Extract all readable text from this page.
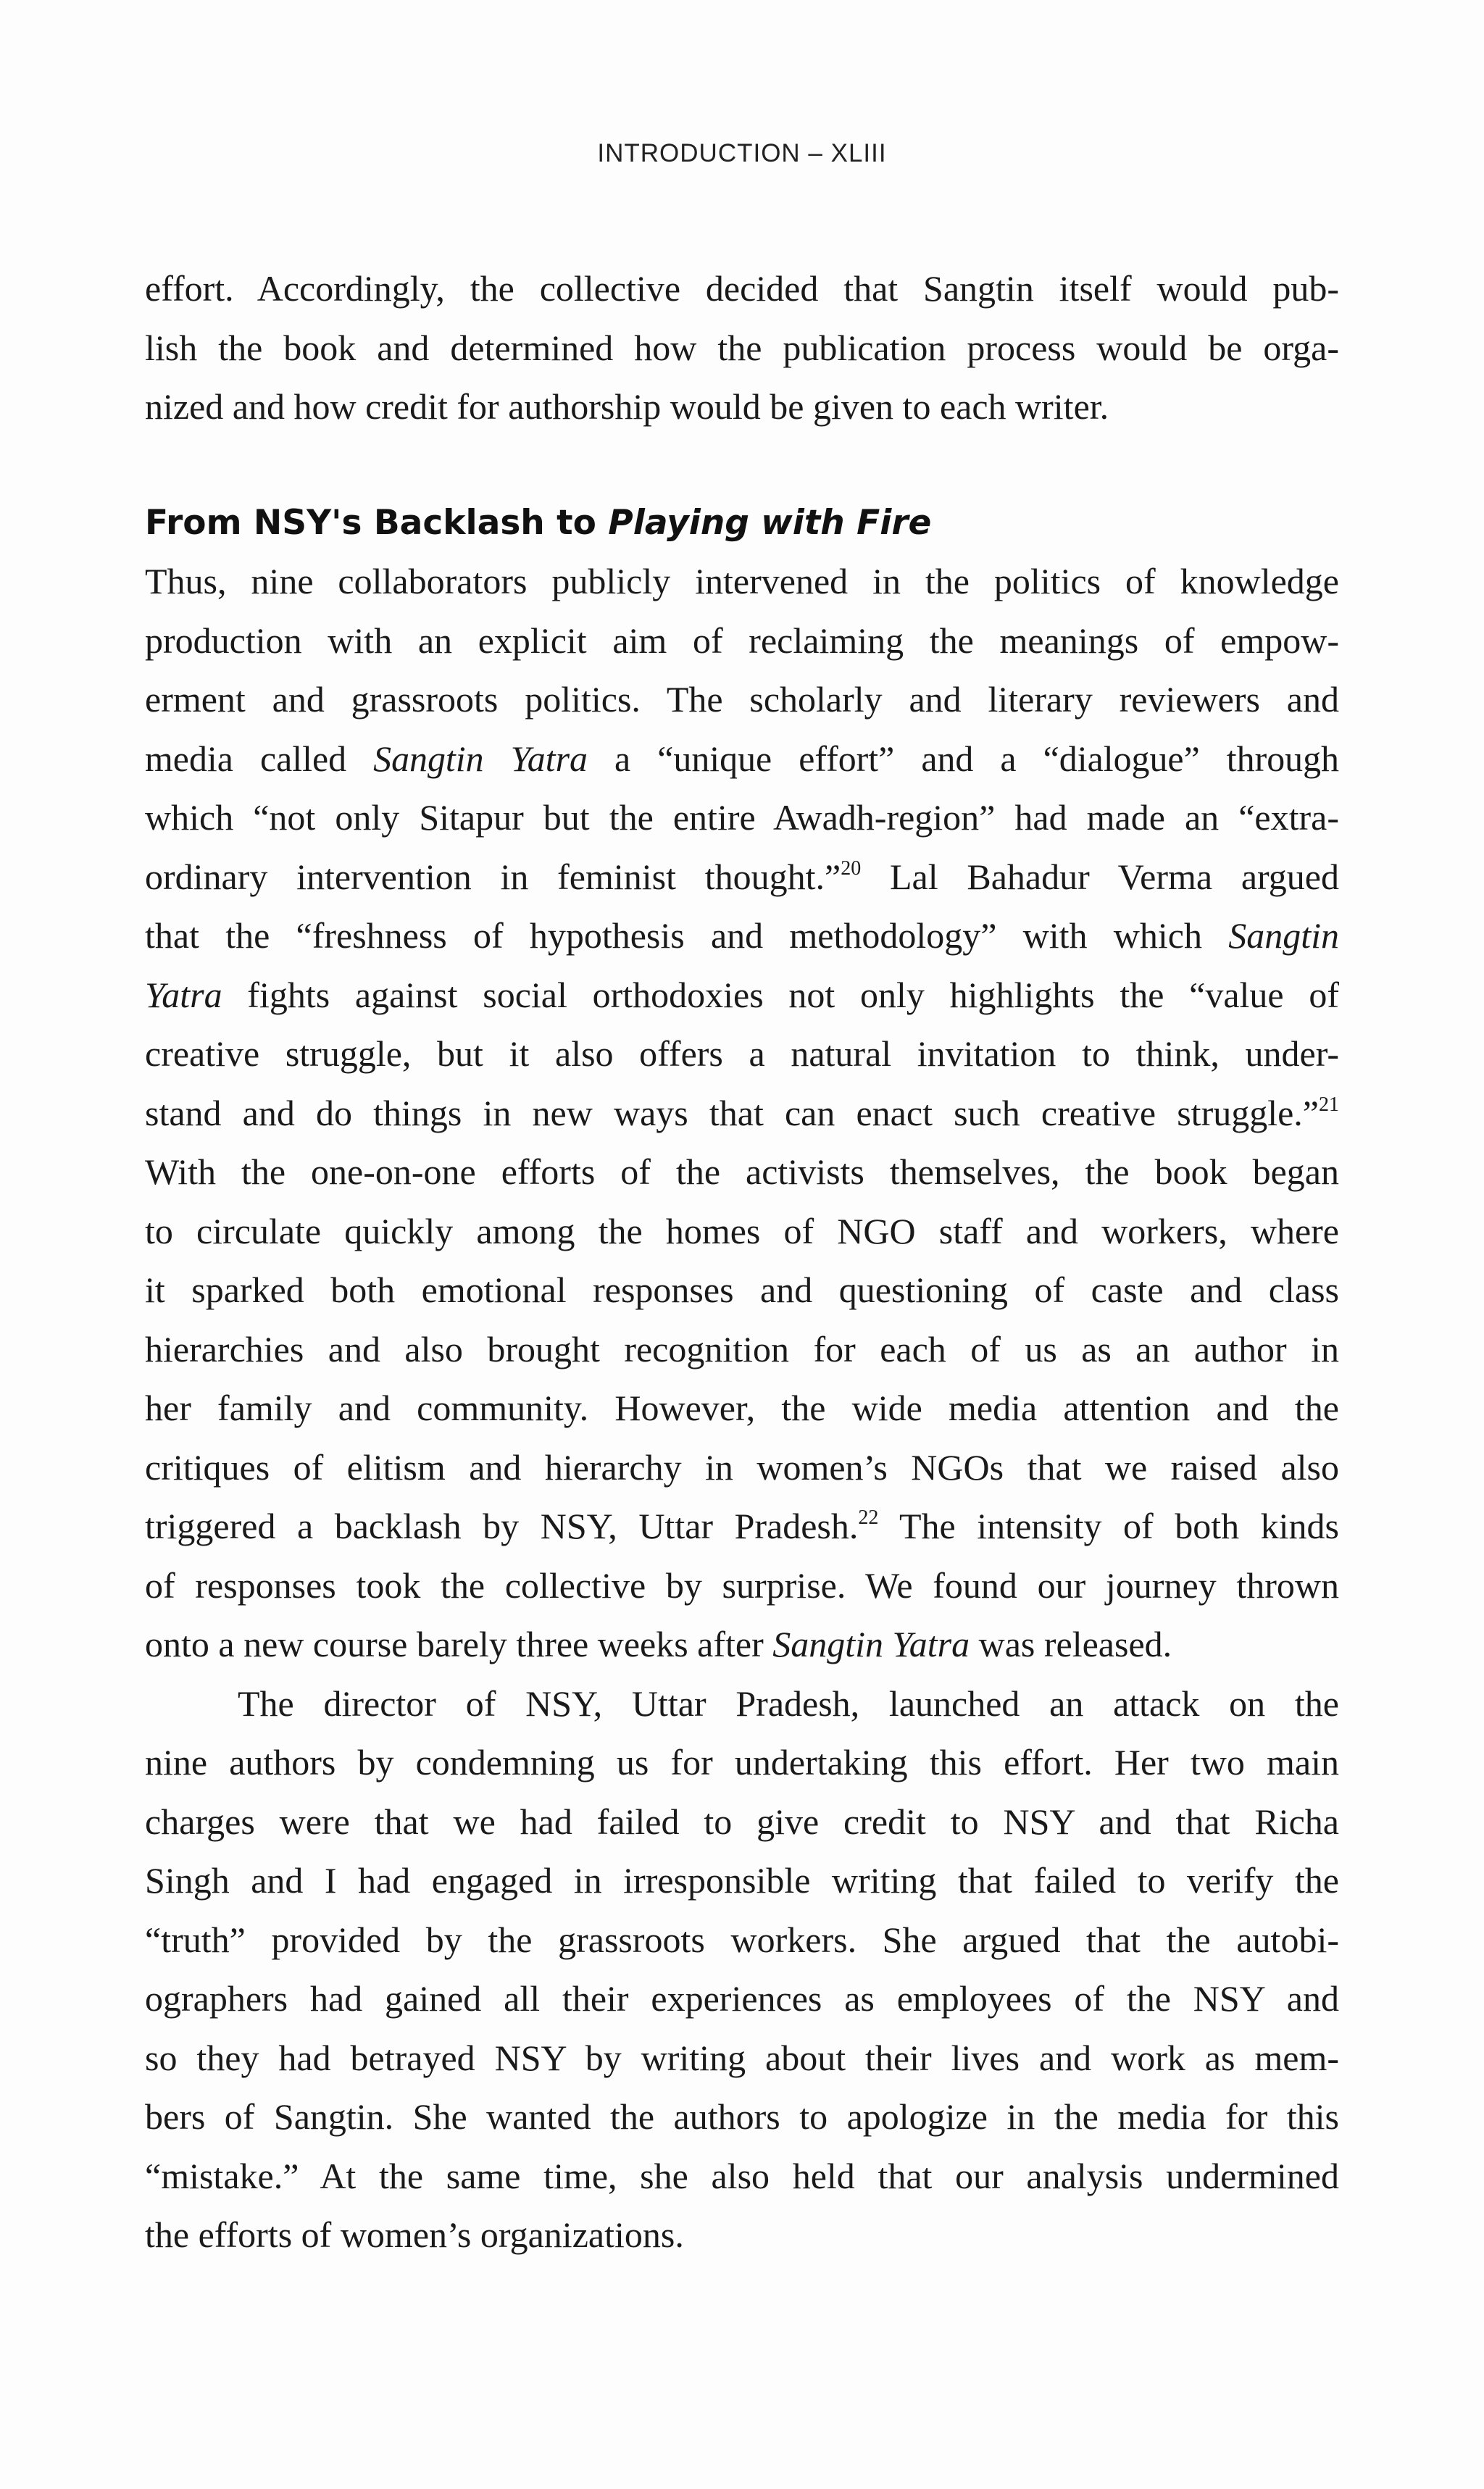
INTRODUCTION – XLIII
effort. Accordingly, the collective decided that Sangtin itself would pub-
lish the book and determined how the publication process would be orga-
nized and how credit for authorship would be given to each writer.
From NSY's Backlash to Playing with Fire
Thus, nine collaborators publicly intervened in the politics of knowledge
production with an explicit aim of reclaiming the meanings of empow-
erment and grassroots politics. The scholarly and literary reviewers and
media called Sangtin Yatra a “unique effort” and a “dialogue” through
which “not only Sitapur but the entire Awadh-region” had made an “extra-
ordinary intervention in feminist thought.”$^{20}$ Lal Bahadur Verma argued
that the “freshness of hypothesis and methodology” with which Sangtin
Yatra fights against social orthodoxies not only highlights the “value of
creative struggle, but it also offers a natural invitation to think, under-
stand and do things in new ways that can enact such creative struggle.”$^{21}$
With the one-on-one efforts of the activists themselves, the book began
to circulate quickly among the homes of NGO staff and workers, where
it sparked both emotional responses and questioning of caste and class
hierarchies and also brought recognition for each of us as an author in
her family and community. However, the wide media attention and the
critiques of elitism and hierarchy in women’s NGOs that we raised also
triggered a backlash by NSY, Uttar Pradesh.$^{22}$ The intensity of both kinds
of responses took the collective by surprise. We found our journey thrown
onto a new course barely three weeks after Sangtin Yatra was released.
The director of NSY, Uttar Pradesh, launched an attack on the
nine authors by condemning us for undertaking this effort. Her two main
charges were that we had failed to give credit to NSY and that Richa
Singh and I had engaged in irresponsible writing that failed to verify the
“truth” provided by the grassroots workers. She argued that the autobi-
ographers had gained all their experiences as employees of the NSY and
so they had betrayed NSY by writing about their lives and work as mem-
bers of Sangtin. She wanted the authors to apologize in the media for this
“mistake.” At the same time, she also held that our analysis undermined
the efforts of women’s organizations.
